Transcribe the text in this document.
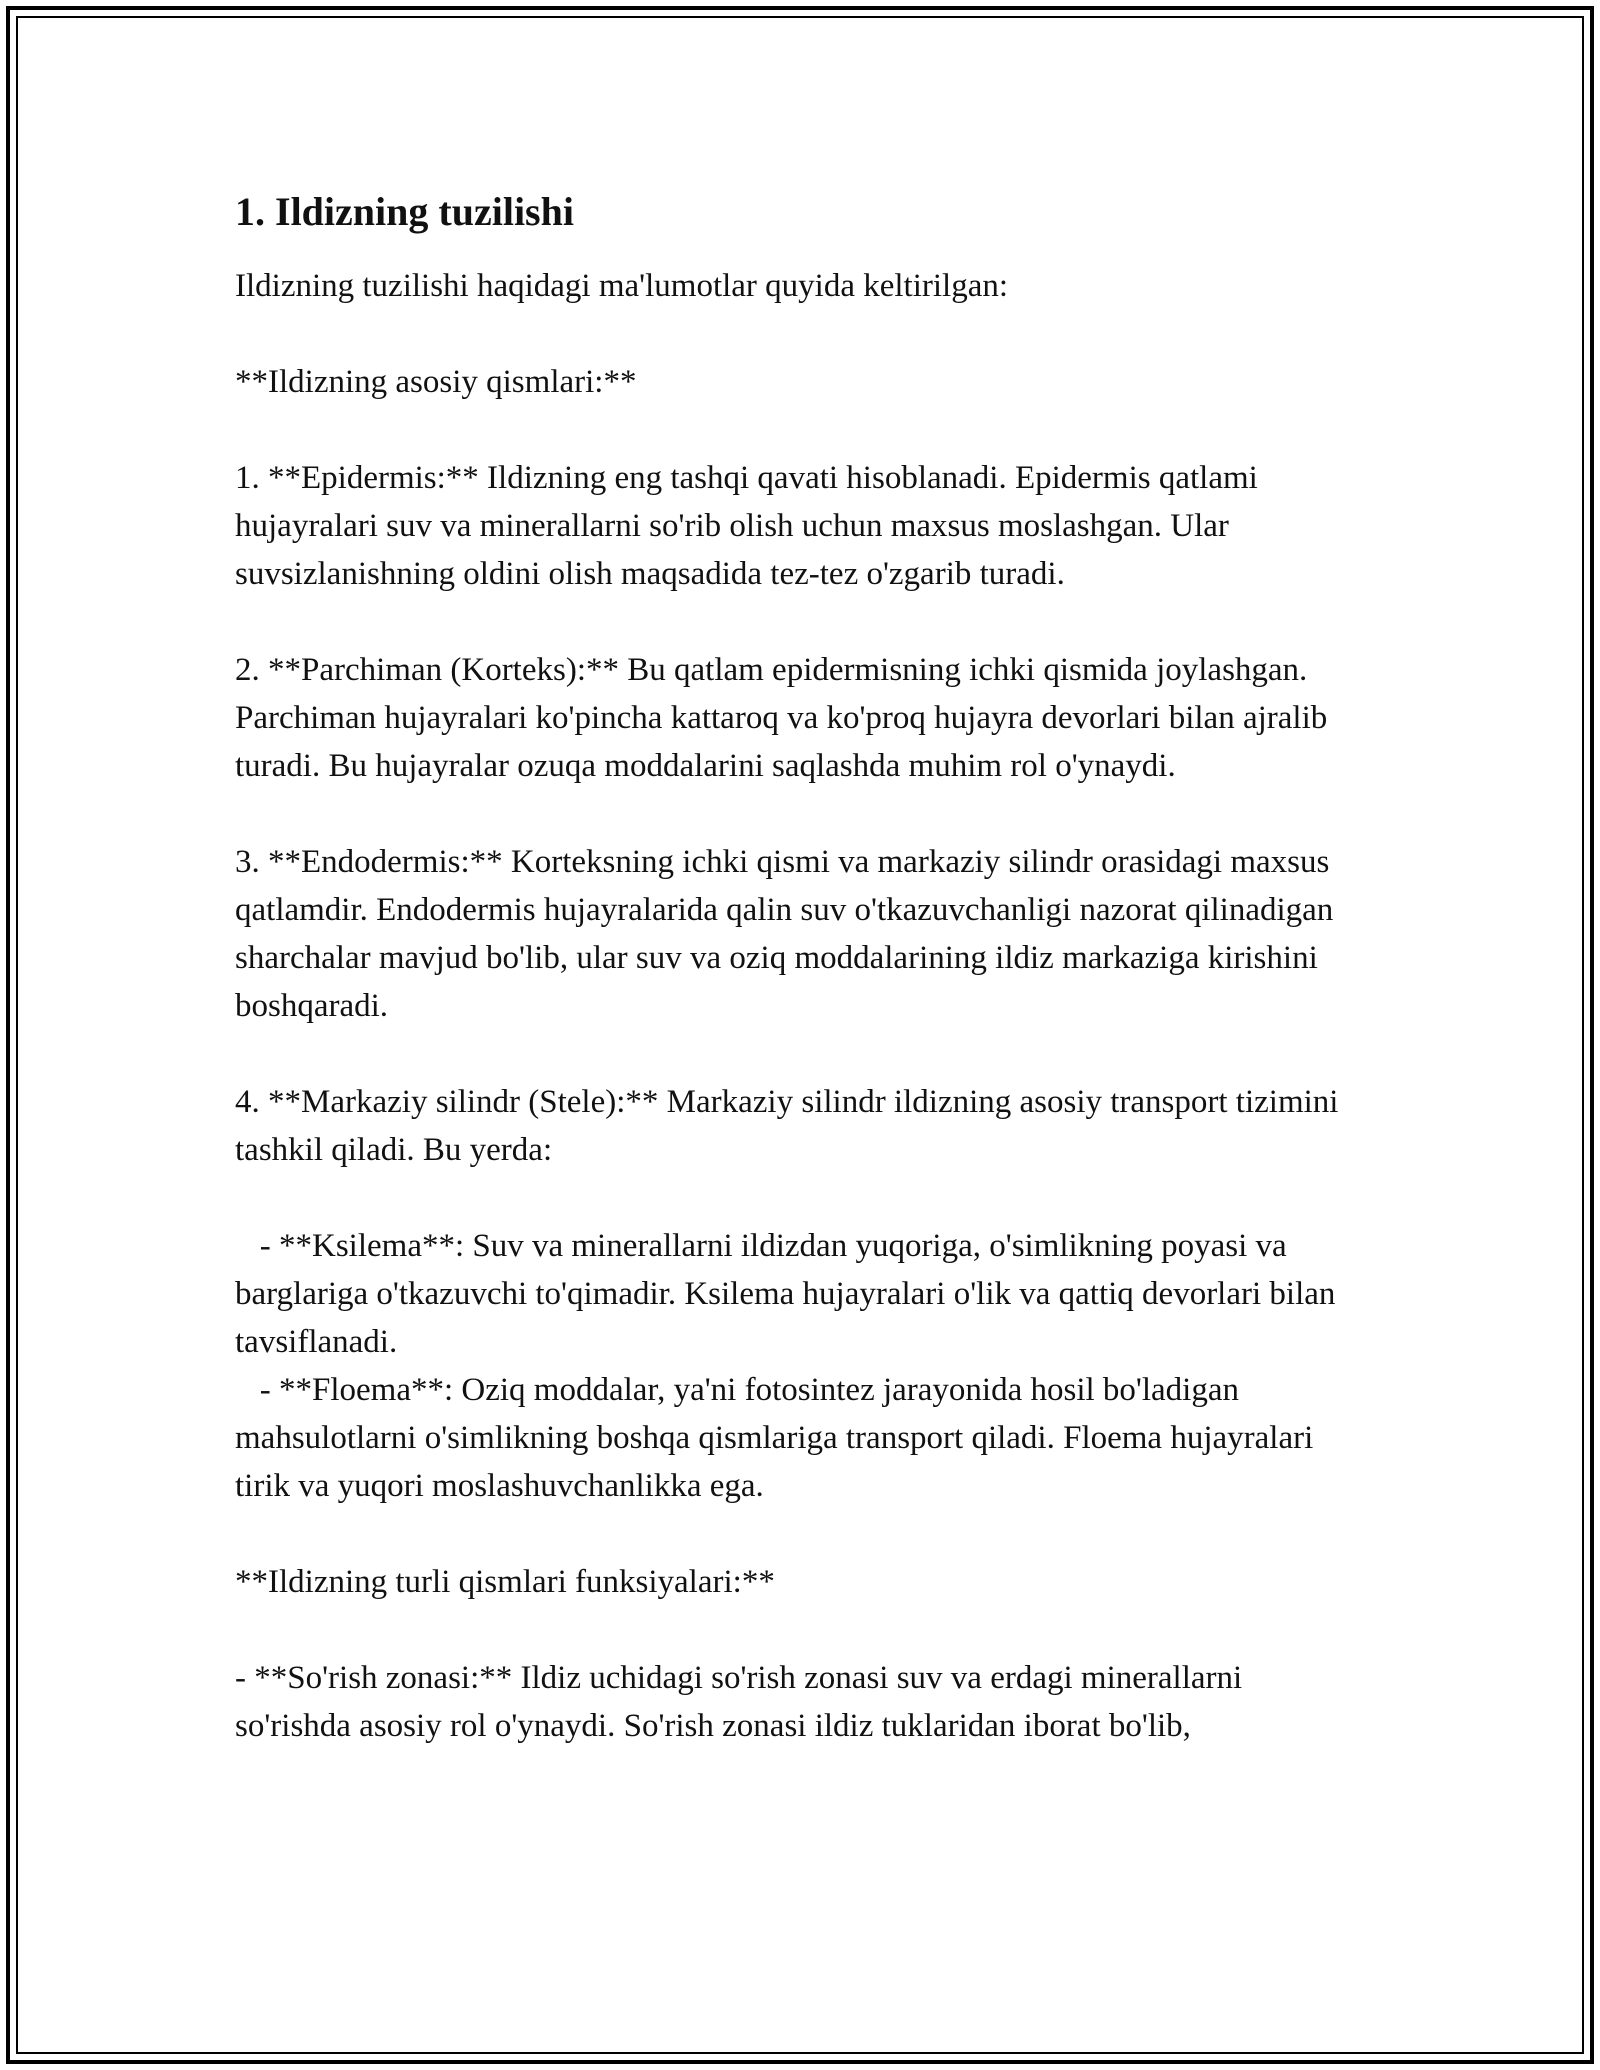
1. Ildizning tuzilishi
Ildizning tuzilishi haqidagi ma'lumotlar quyida keltirilgan:
**Ildizning asosiy qismlari:**
1. **Epidermis:** Ildizning eng tashqi qavati hisoblanadi. Epidermis qatlami hujayralari suv va minerallarni so'rib olish uchun maxsus moslashgan. Ular suvsizlanishning oldini olish maqsadida tez-tez o'zgarib turadi.
2. **Parchiman (Korteks):** Bu qatlam epidermisning ichki qismida joylashgan. Parchiman hujayralari ko'pincha kattaroq va ko'proq hujayra devorlari bilan ajralib turadi. Bu hujayralar ozuqa moddalarini saqlashda muhim rol o'ynaydi.
3. **Endodermis:** Korteksning ichki qismi va markaziy silindr orasidagi maxsus qatlamdir. Endodermis hujayralarida qalin suv o'tkazuvchanligi nazorat qilinadigan sharchalar mavjud bo'lib, ular suv va oziq moddalarining ildiz markaziga kirishini boshqaradi.
4. **Markaziy silindr (Stele):** Markaziy silindr ildizning asosiy transport tizimini tashkil qiladi. Bu yerda:
- **Ksilema**: Suv va minerallarni ildizdan yuqoriga, o'simlikning poyasi va barglariga o'tkazuvchi to'qimadir. Ksilema hujayralari o'lik va qattiq devorlari bilan tavsiflanadi.
- **Floema**: Oziq moddalar, ya'ni fotosintez jarayonida hosil bo'ladigan mahsulotlarni o'simlikning boshqa qismlariga transport qiladi. Floema hujayralari tirik va yuqori moslashuvchanlikka ega.
**Ildizning turli qismlari funksiyalari:**
- **So'rish zonasi:** Ildiz uchidagi so'rish zonasi suv va erdagi minerallarni so'rishda asosiy rol o'ynaydi. So'rish zonasi ildiz tuklaridan iborat bo'lib,
